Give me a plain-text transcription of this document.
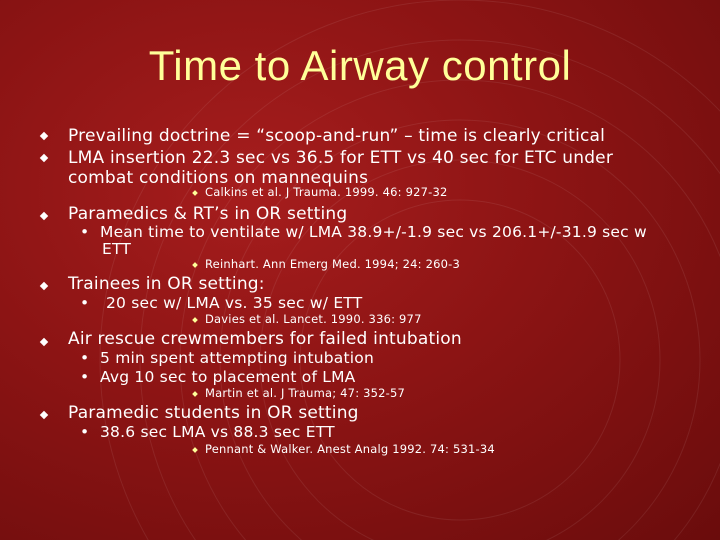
Time to Airway control
Prevailing doctrine = “scoop-and-run” – time is clearly critical
LMA insertion 22.3 sec vs 36.5 for ETT vs 40 sec for ETC under
combat conditions on mannequins
Calkins et al. J Trauma. 1999. 46: 927-32
Paramedics & RT’s in OR setting
• Mean time to ventilate w/ LMA 38.9+/-1.9 sec vs 206.1+/-31.9 sec w
ETT
Reinhart. Ann Emerg Med. 1994; 24: 260-3
Trainees in OR setting:
• 20 sec w/ LMA vs. 35 sec w/ ETT
Davies et al. Lancet. 1990. 336: 977
Air rescue crewmembers for failed intubation
• 5 min spent attempting intubation
• Avg 10 sec to placement of LMA
Martin et al. J Trauma; 47: 352-57
Paramedic students in OR setting
• 38.6 sec LMA vs 88.3 sec ETT
Pennant & Walker. Anest Analg 1992. 74: 531-34
